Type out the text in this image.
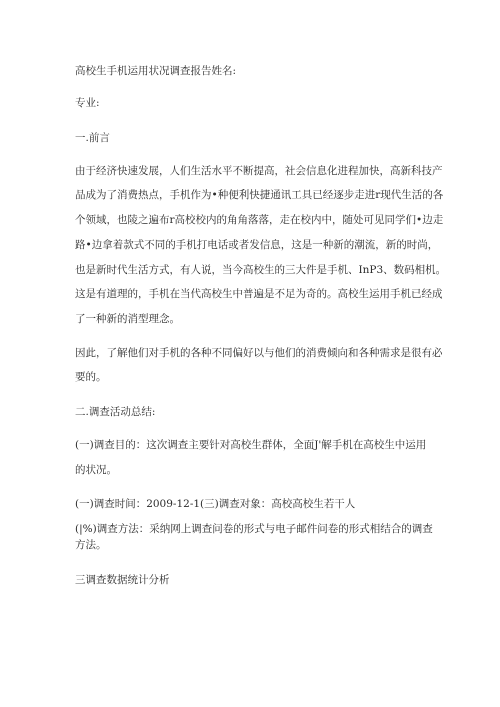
高校生手机运用状况调查报告姓名:
专业:
一.前言
由于经济快速发展，人们生活水平不断提高，社会信息化进程加快，高新科技产
品成为了消费热点，手机作为•种便利快捷通讯工具已经逐步走进r现代生活的各
个领域，也陵之遍布r高校校内的角角落落，走在校内中，随处可见同学们•边走
路•边拿着款式不同的手机打电话或者发信息，这是一种新的潮流，新的时尚，
也是新时代生活方式，有人说，当今高校生的三大件是手机、InP3、数码相机。
这是有道理的，手机在当代高校生中普遍是不足为奇的。高校生运用手机已经成
了一种新的消型理念。
因此，了解他们对手机的各种不同偏好以与他们的消费倾向和各种需求是很有必
要的。
二.调查活动总结:
(一)调查目的：这次调查主要针对高校生群体，全面J'解手机在高校生中运用
的状况。
(一)调查时间：2009-12-1(三)调查对象：高校高校生若干人
(|%)调查方法：采纳网上调查问卷的形式与电子邮件问卷的形式相结合的调查
方法。
三调查数据统计分析
